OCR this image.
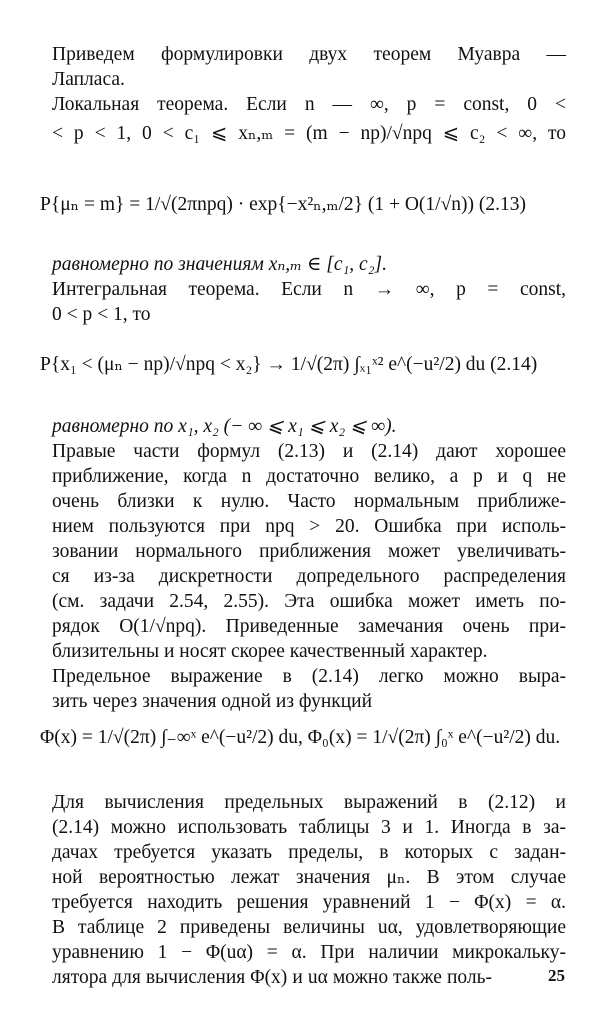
Приведем формулировки двух теорем Муавра —
Лапласа.
Локальная теорема. Если n — ∞, p = const, 0 <
< p < 1, 0 < c₁ ⩽ xₙ,ₘ = (m − np)/√npq ⩽ c₂ < ∞, то
P{μₙ = m} = 1/√(2πnpq) · exp{−x²ₙ,ₘ/2} (1 + O(1/√n)) (2.13)
равномерно по значениям xₙ,ₘ ∈ [c₁, c₂].
Интегральная теорема. Если n → ∞, p = const,
0 < p < 1, то
P{x₁ < (μₙ − np)/√npq < x₂} → 1/√(2π) ∫ₓ₁ˣ² e^(−u²/2) du (2.14)
равномерно по x₁, x₂ (− ∞ ⩽ x₁ ⩽ x₂ ⩽ ∞).
Правые части формул (2.13) и (2.14) дают хорошее
приближение, когда n достаточно велико, а p и q не
очень близки к нулю. Часто нормальным приближе-
нием пользуются при npq > 20. Ошибка при исполь-
зовании нормального приближения может увеличивать-
ся из-за дискретности допредельного распределения
(см. задачи 2.54, 2.55). Эта ошибка может иметь по-
рядок O(1/√npq). Приведенные замечания очень при-
близительны и носят скорее качественный характер.
Предельное выражение в (2.14) легко можно выра-
зить через значения одной из функций
Φ(x) = 1/√(2π) ∫₋∞ˣ e^(−u²/2) du, Φ₀(x) = 1/√(2π) ∫₀ˣ e^(−u²/2) du.
Для вычисления предельных выражений в (2.12) и
(2.14) можно использовать таблицы 3 и 1. Иногда в за-
дачах требуется указать пределы, в которых с задан-
ной вероятностью лежат значения μₙ. В этом случае
требуется находить решения уравнений 1 − Φ(x) = α.
В таблице 2 приведены величины uα, удовлетворяющие
уравнению 1 − Φ(uα) = α. При наличии микрокальку-
лятора для вычисления Φ(x) и uα можно также поль-	25
